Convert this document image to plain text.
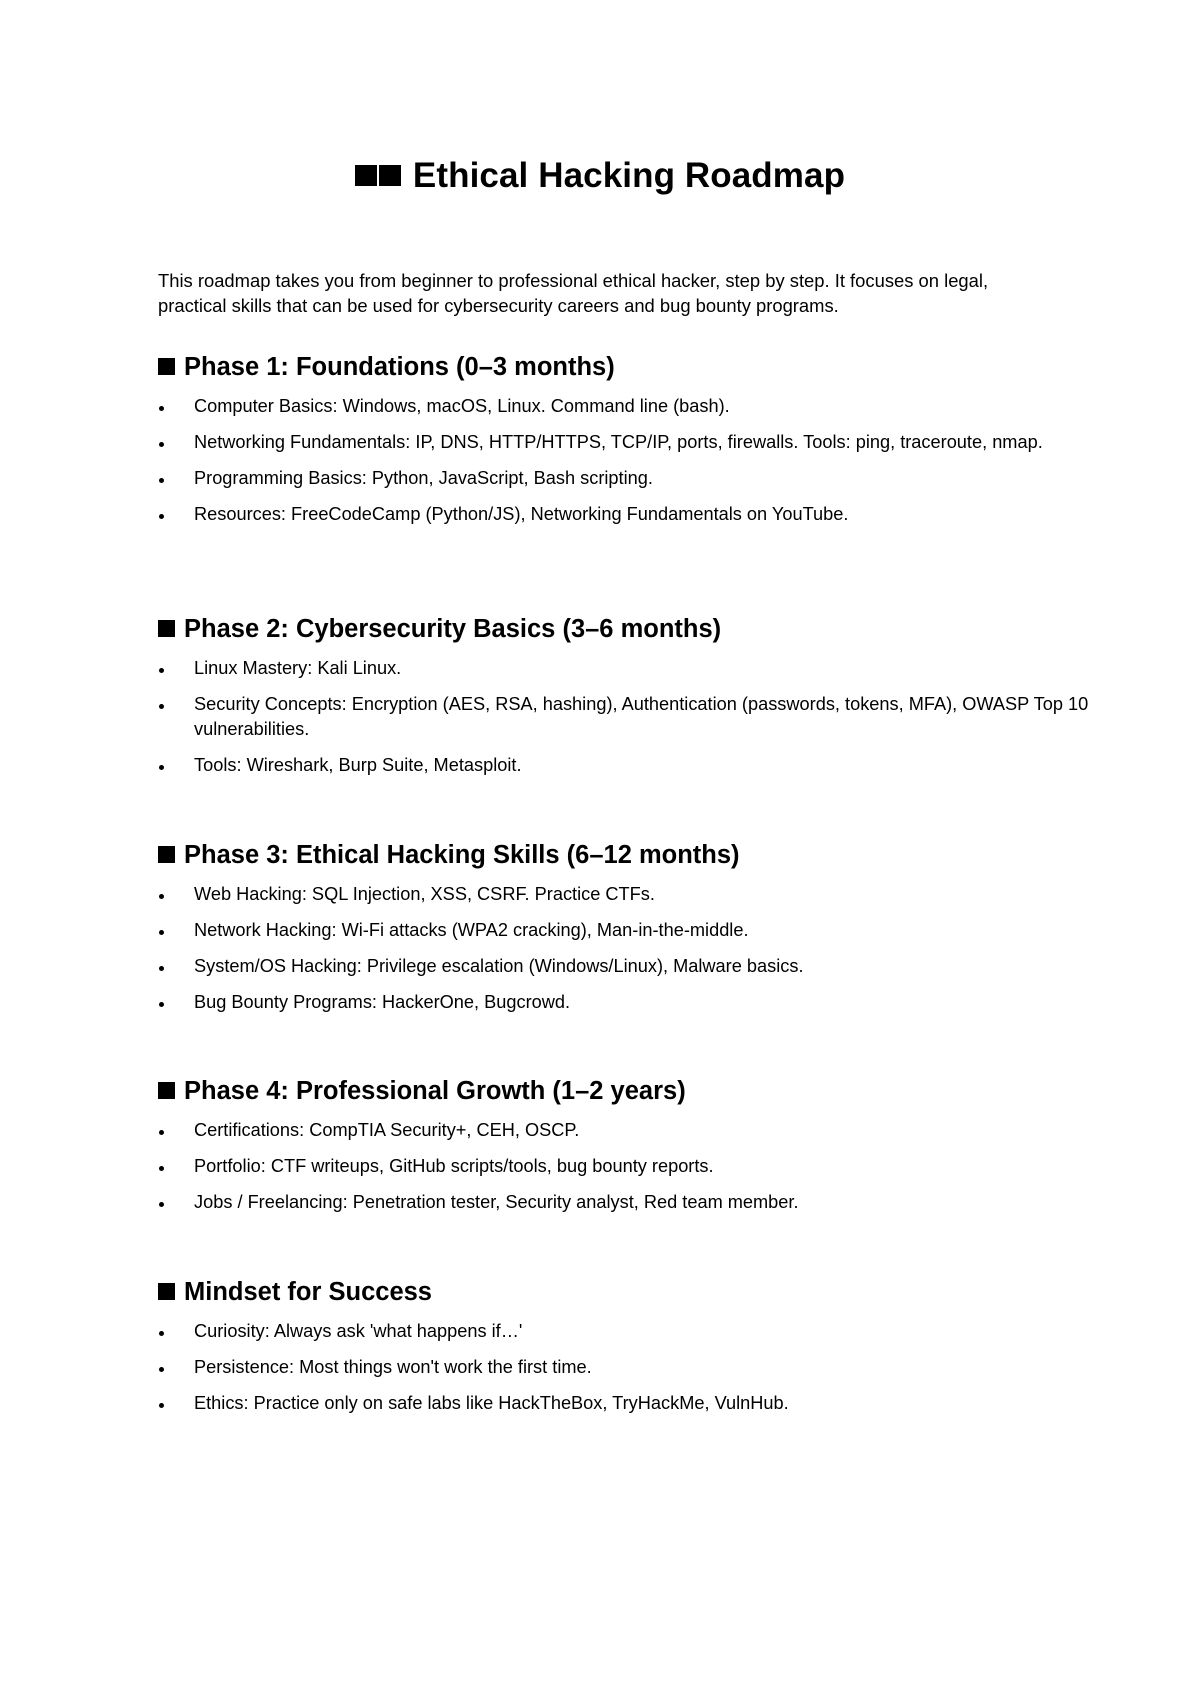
Ethical Hacking Roadmap

This roadmap takes you from beginner to professional ethical hacker, step by step. It focuses on legal, practical skills that can be used for cybersecurity careers and bug bounty programs.

Phase 1: Foundations (0–3 months)
Computer Basics: Windows, macOS, Linux. Command line (bash).
Networking Fundamentals: IP, DNS, HTTP/HTTPS, TCP/IP, ports, firewalls. Tools: ping, traceroute, nmap.
Programming Basics: Python, JavaScript, Bash scripting.
Resources: FreeCodeCamp (Python/JS), Networking Fundamentals on YouTube.
Phase 2: Cybersecurity Basics (3–6 months)
Linux Mastery: Kali Linux.
Security Concepts: Encryption (AES, RSA, hashing), Authentication (passwords, tokens, MFA), OWASP Top 10 vulnerabilities.
Tools: Wireshark, Burp Suite, Metasploit.
Phase 3: Ethical Hacking Skills (6–12 months)
Web Hacking: SQL Injection, XSS, CSRF. Practice CTFs.
Network Hacking: Wi-Fi attacks (WPA2 cracking), Man-in-the-middle.
System/OS Hacking: Privilege escalation (Windows/Linux), Malware basics.
Bug Bounty Programs: HackerOne, Bugcrowd.
Phase 4: Professional Growth (1–2 years)
Certifications: CompTIA Security+, CEH, OSCP.
Portfolio: CTF writeups, GitHub scripts/tools, bug bounty reports.
Jobs / Freelancing: Penetration tester, Security analyst, Red team member.
Mindset for Success
Curiosity: Always ask 'what happens if…'
Persistence: Most things won't work the first time.
Ethics: Practice only on safe labs like HackTheBox, TryHackMe, VulnHub.
